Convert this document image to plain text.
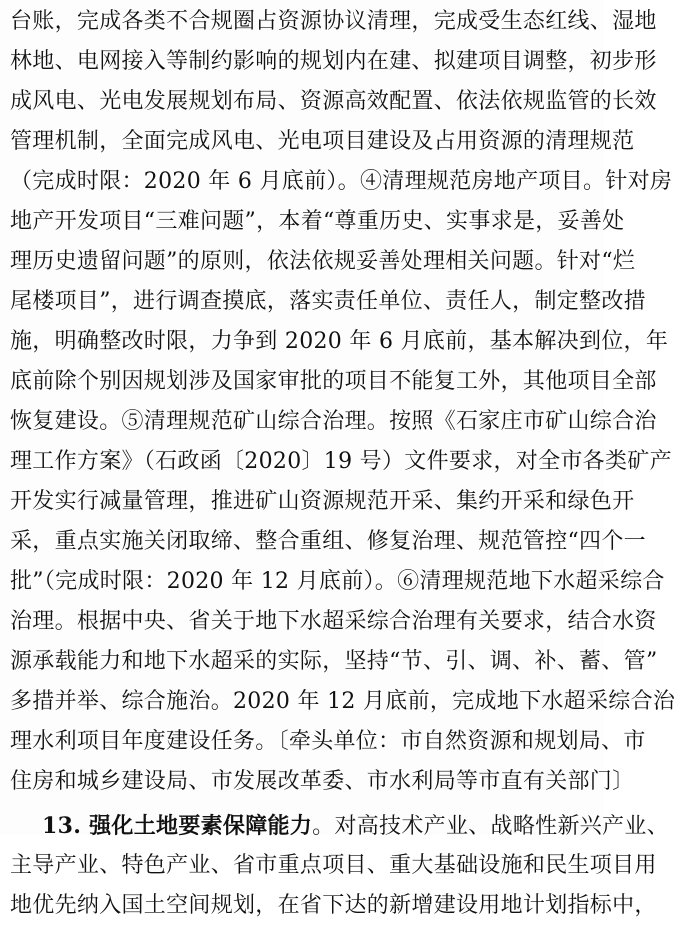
台账，完成各类不合规圈占资源协议清理，完成受生态红线、湿地
林地、电网接入等制约影响的规划内在建、拟建项目调整，初步形
成风电、光电发展规划布局、资源高效配置、依法依规监管的长效
管理机制，全面完成风电、光电项目建设及占用资源的清理规范
（完成时限：2020 年 6 月底前）。④清理规范房地产项目。针对房
地产开发项目“三难问题”，本着“尊重历史、实事求是，妥善处
理历史遗留问题”的原则，依法依规妥善处理相关问题。针对“烂
尾楼项目”，进行调查摸底，落实责任单位、责任人，制定整改措
施，明确整改时限，力争到 2020 年 6 月底前，基本解决到位，年
底前除个别因规划涉及国家审批的项目不能复工外，其他项目全部
恢复建设。⑤清理规范矿山综合治理。按照《石家庄市矿山综合治
理工作方案》（石政函〔2020〕19 号）文件要求，对全市各类矿产
开发实行减量管理，推进矿山资源规范开采、集约开采和绿色开
采，重点实施关闭取缔、整合重组、修复治理、规范管控“四个一
批”（完成时限：2020 年 12 月底前）。⑥清理规范地下水超采综合
治理。根据中央、省关于地下水超采综合治理有关要求，结合水资
源承载能力和地下水超采的实际，坚持“节、引、调、补、蓄、管”
多措并举、综合施治。2020 年 12 月底前，完成地下水超采综合治
理水利项目年度建设任务。〔牵头单位：市自然资源和规划局、市
住房和城乡建设局、市发展改革委、市水利局等市直有关部门〕
13. 强化土地要素保障能力。对高技术产业、战略性新兴产业、
主导产业、特色产业、省市重点项目、重大基础设施和民生项目用
地优先纳入国土空间规划，在省下达的新增建设用地计划指标中，
